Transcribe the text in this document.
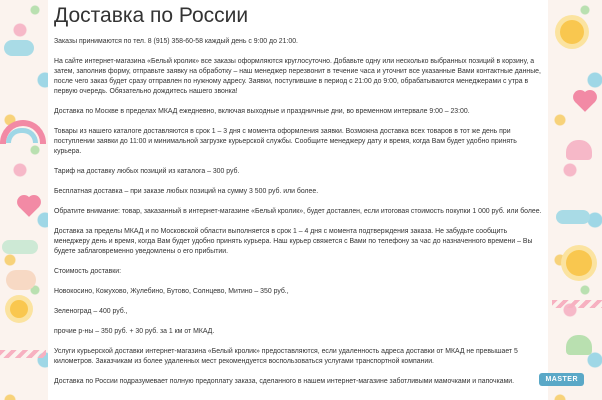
Доставка по России

Заказы принимаются по тел. 8 (915) 358-60-58 каждый день с 9:00 до 21:00.

На сайте интернет-магазина «Белый кролик» все заказы оформляются круглосуточно. Добавьте одну или несколько выбранных позиций в корзину, а затем, заполнив форму, отправьте заявку на обработку – наш менеджер перезвонит в течение часа и уточнит все указанные Вами контактные данные, после чего заказ будет сразу отправлен по нужному адресу. Заявки, поступившие в период с 21:00 до 9:00, обрабатываются менеджерами с утра в первую очередь. Обязательно дождитесь нашего звонка!

Доставка по Москве в пределах МКАД ежедневно, включая выходные и праздничные дни, во временном интервале 9:00 – 23:00.

Товары из нашего каталоге доставляются в срок 1 – 3 дня с момента оформления заявки. Возможна доставка всех товаров в тот же день при поступлении заявки до 11:00 и минимальной загрузке курьерской службы. Сообщите менеджеру дату и время, когда Вам будет удобно принять курьера.

Тариф на доставку любых позиций из каталога – 300 руб.

Бесплатная доставка – при заказе любых позиций на сумму 3 500 руб. или более.

Обратите внимание: товар, заказанный в интернет-магазине «Белый кролик», будет доставлен, если итоговая стоимость покупки 1 000 руб. или более.

Доставка за пределы МКАД и по Московской области выполняется в срок 1 – 4 дня с момента подтверждения заказа. Не забудьте сообщить менеджеру день и время, когда Вам будет удобно принять курьера. Наш курьер свяжется с Вами по телефону за час до назначенного времени – Вы будете заблаговременно уведомлены о его прибытии.

Стоимость доставки:

Новокосино, Кожухово, Жулебино, Бутово, Солнцево, Митино – 350 руб.,

Зеленоград – 400 руб.,

прочие р-ны – 350 руб. + 30 руб. за 1 км от МКАД.

Услуги курьерской доставки интернет-магазина «Белый кролик» предоставляются, если удаленность адреса доставки от МКАД не превышает 5 километров. Заказчикам из более удаленных мест рекомендуется воспользоваться услугами транспортной компании.

Доставка по России подразумевает полную предоплату заказа, сделанного в нашем интернет-магазине заботливыми мамочками и папочками.	MASTER
